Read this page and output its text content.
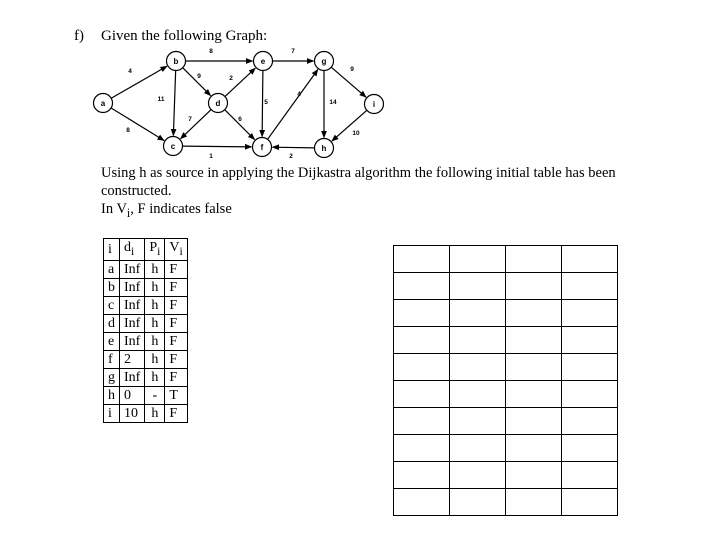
f) Given the following Graph:
4
8
11
8
9	2
7	6
1
5
7
4
2
14
9
10
a
b
c
d
e
f
g
h
i
Using h as source in applying the Dijkastra algorithm the following initial table has been constructed.
In $V_i$, F indicates false
i	$d_i$	$P_i$	$V_i$
a	Inf	h	F
b	Inf	h	F
c	Inf	h	F
d	Inf	h	F
e	Inf	h	F
f	2	h	F
g	Inf	h	F
h	0	-	T
i	10	h	F
